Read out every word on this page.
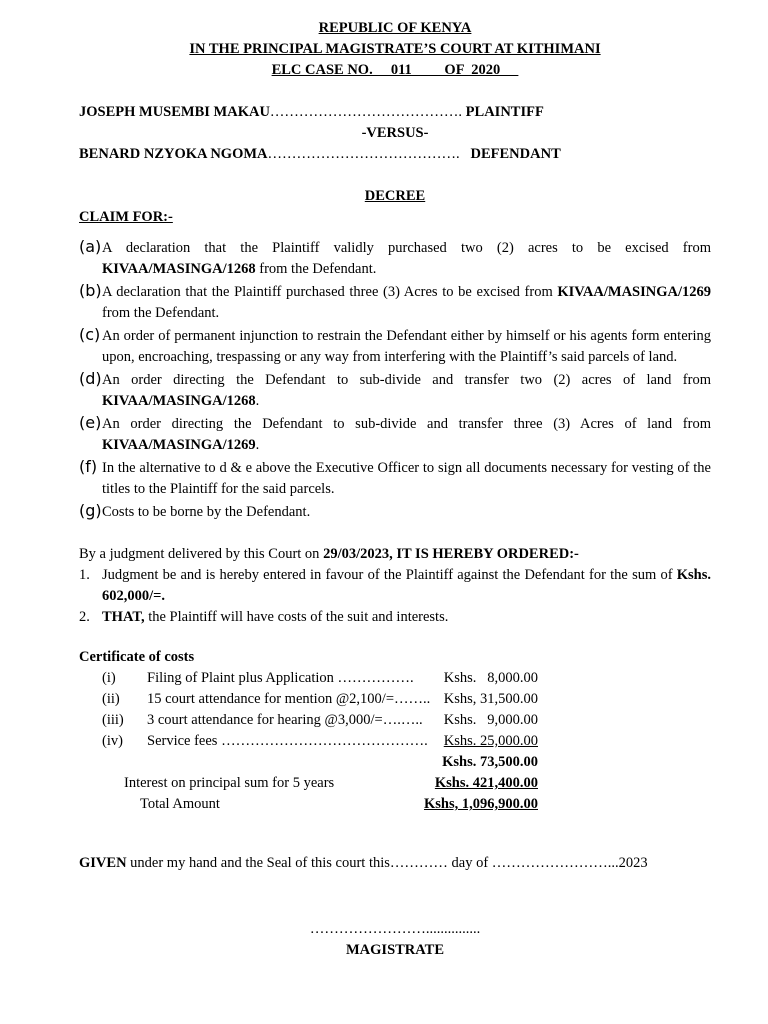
REPUBLIC OF KENYA
IN THE PRINCIPAL MAGISTRATE’S COURT AT KITHIMANI
ELC CASE NO.     011         OF  2020
JOSEPH MUSEMBI MAKAU ………………………………….
PLAINTIFF
-VERSUS-
BENARD NZYOKA NGOMA ………………………………….
DEFENDANT
DECREE
CLAIM FOR:-
(a) A declaration that the Plaintiff validly purchased two (2) acres to be excised from KIVAA/MASINGA/1268 from the Defendant.
(b) A declaration that the Plaintiff purchased three (3) Acres to be excised from KIVAA/MASINGA/1269 from the Defendant.
(c) An order of permanent injunction to restrain the Defendant either by himself or his agents form entering upon, encroaching, trespassing or any way from interfering with the Plaintiff’s said parcels of land.
(d) An order directing the Defendant to sub-divide and transfer two (2) acres of land from KIVAA/MASINGA/1268.
(e) An order directing the Defendant to sub-divide and transfer three (3) Acres of land from KIVAA/MASINGA/1269.
(f) In the alternative to d & e above the Executive Officer to sign all documents necessary for vesting of the titles to the Plaintiff for the said parcels.
(g) Costs to be borne by the Defendant.
By a judgment delivered by this Court on 29/03/2023, IT IS HEREBY ORDERED:-
1. Judgment be and is hereby entered in favour of the Plaintiff against the Defendant for the sum of Kshs. 602,000/=.
2. THAT, the Plaintiff will have costs of the suit and interests.
Certificate of costs
(i) Filing of Plaint plus Application ……………. Kshs.   8,000.00
(ii) 15 court attendance for mention @2,100/=…….. Kshs, 31,500.00
(iii) 3 court attendance for hearing @3,000/=….….. Kshs.   9,000.00
(iv) Service fees ……………………………………. Kshs. 25,000.00
Kshs. 73,500.00
Interest on principal sum for 5 years	Kshs. 421,400.00
Total Amount	Kshs, 1,096,900.00
GIVEN under my hand and the Seal of this court this………… day of ……………………...2023
……………………...............
MAGISTRATE
